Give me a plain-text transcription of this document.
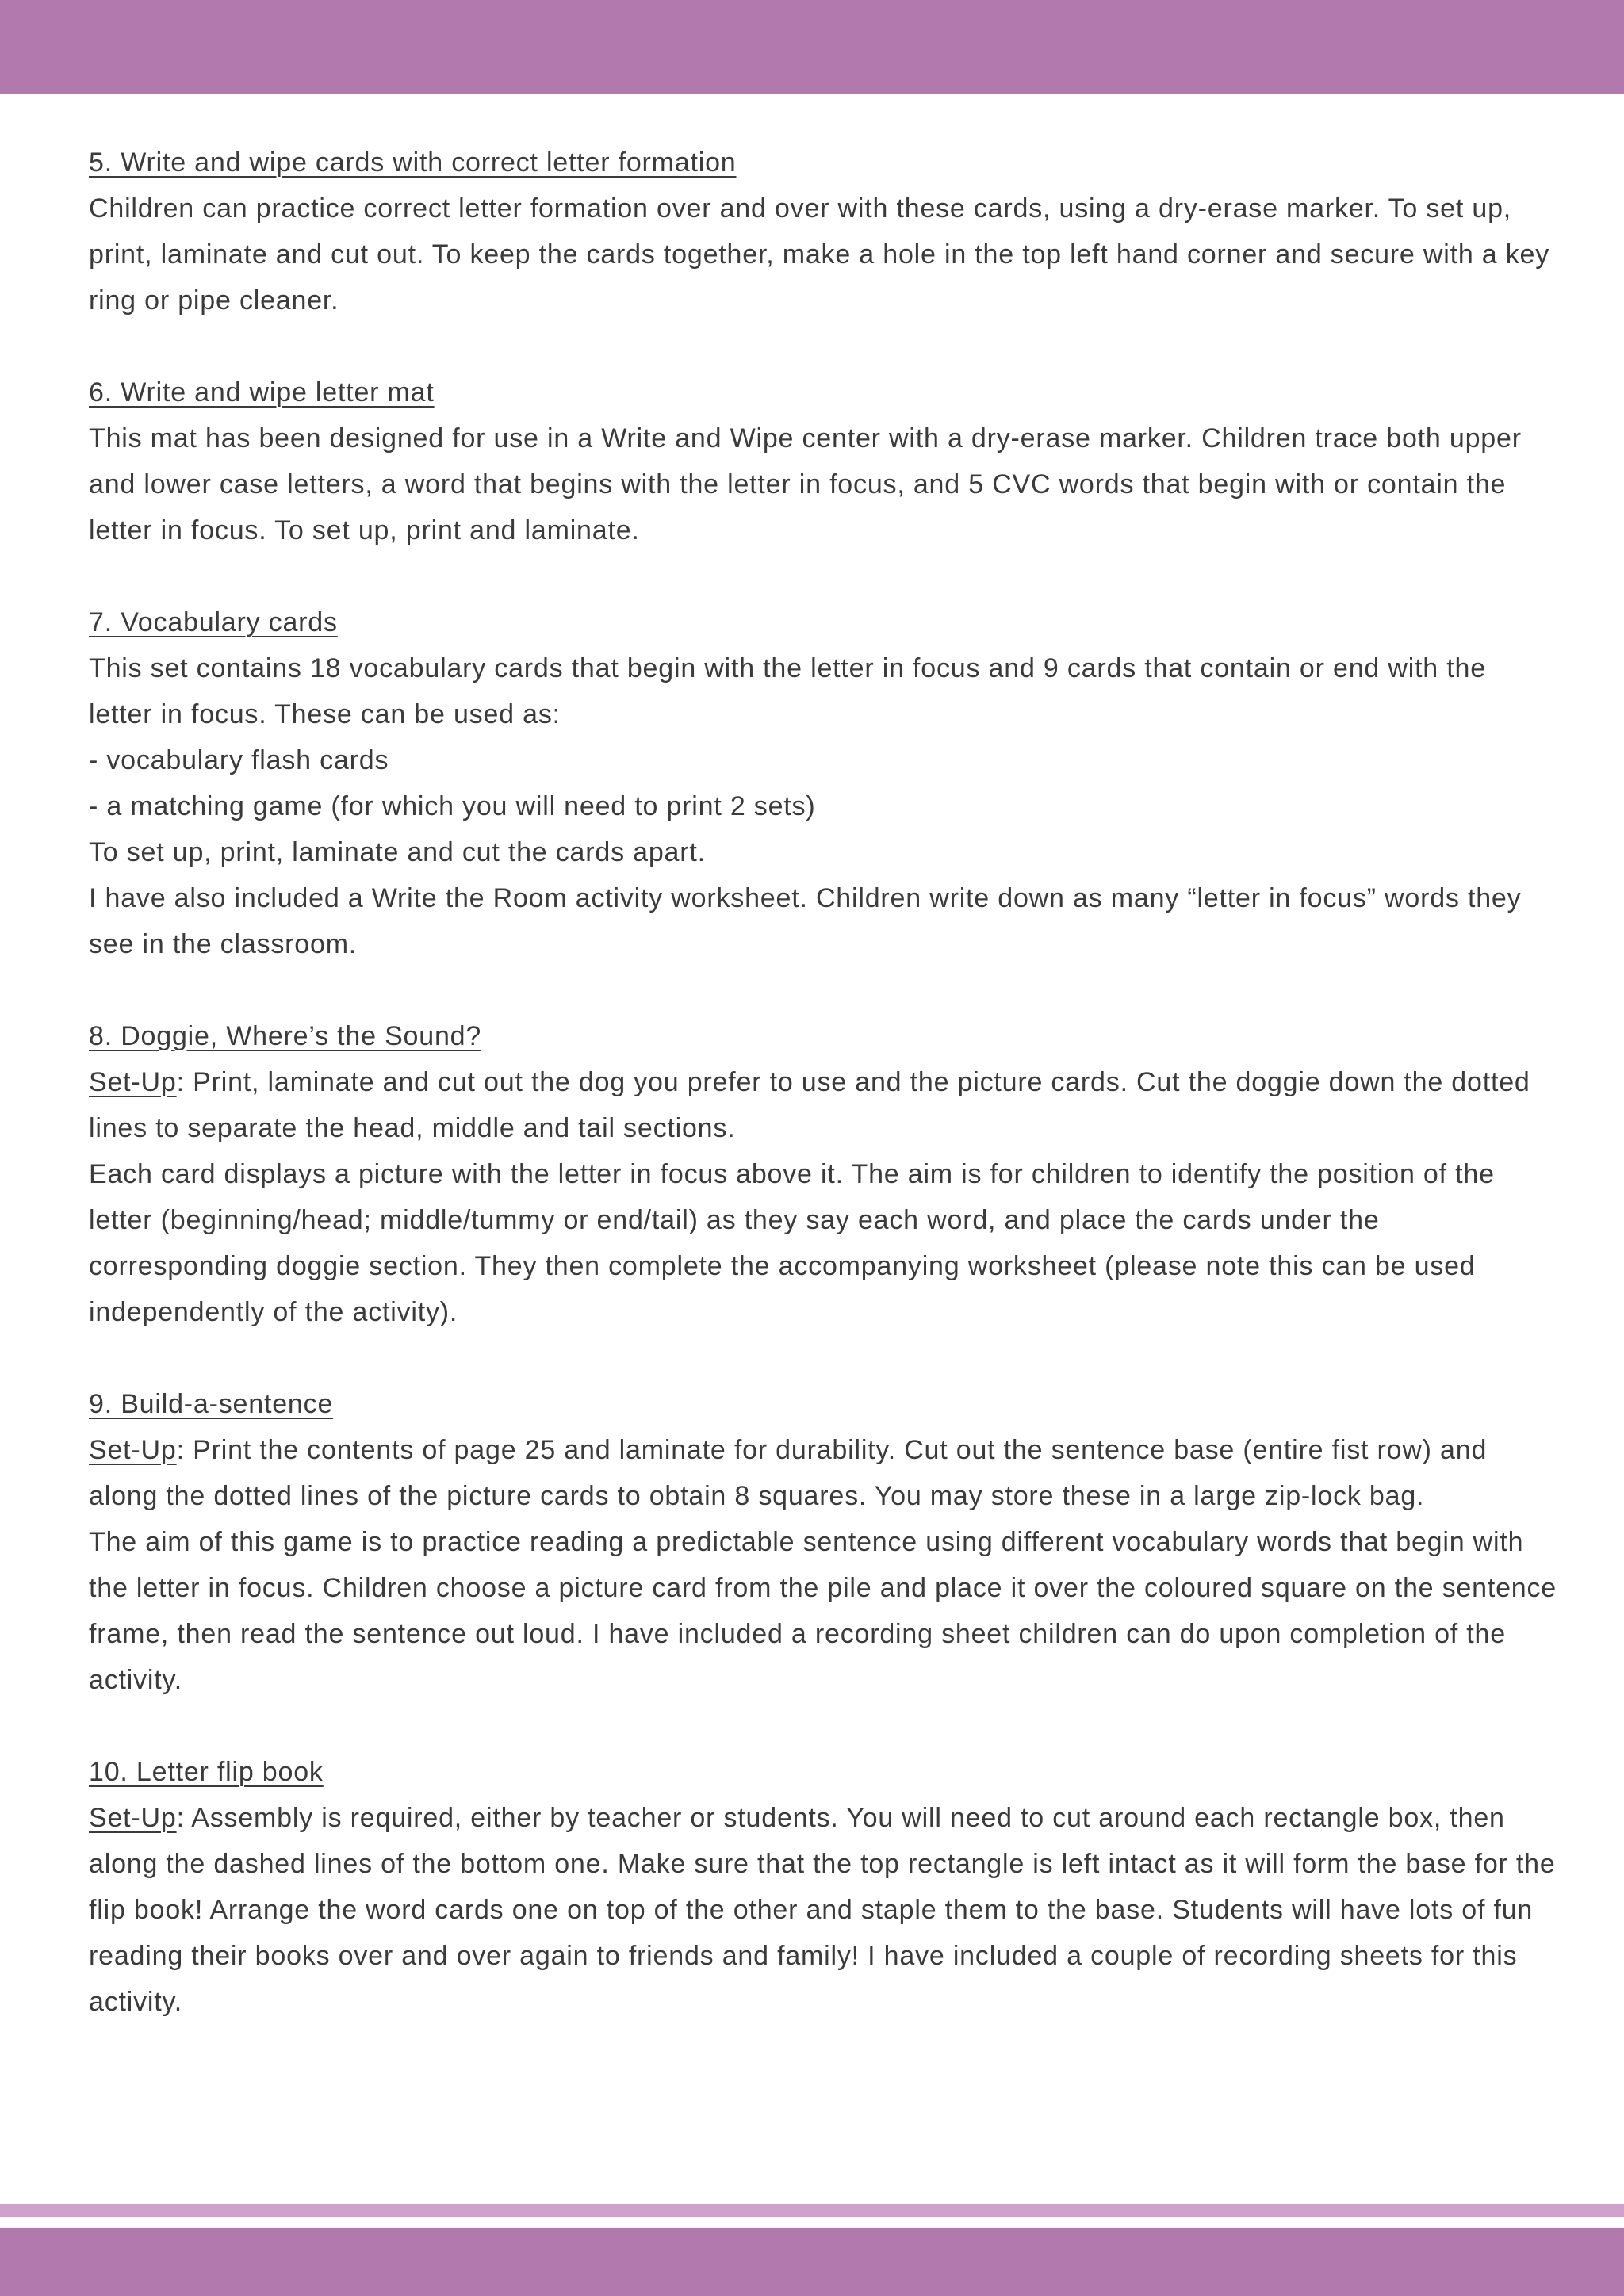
5. Write and wipe cards with correct letter formation

Children can practice correct letter formation over and over with these cards, using a dry-erase marker. To set up, print, laminate and cut out. To keep the cards together, make a hole in the top left hand corner and secure with a key ring or pipe cleaner.

6. Write and wipe letter mat

This mat has been designed for use in a Write and Wipe center with a dry-erase marker. Children trace both upper and lower case letters, a word that begins with the letter in focus, and 5 CVC words that begin with or contain the letter in focus. To set up, print and laminate.

7. Vocabulary cards

This set contains 18 vocabulary cards that begin with the letter in focus and 9 cards that contain or end with the letter in focus. These can be used as:

- vocabulary flash cards

- a matching game (for which you will need to print 2 sets)

To set up, print, laminate and cut the cards apart.

I have also included a Write the Room activity worksheet. Children write down as many “letter in focus” words they see in the classroom.

8. Doggie, Where’s the Sound?

Set-Up: Print, laminate and cut out the dog you prefer to use and the picture cards. Cut the doggie down the dotted lines to separate the head, middle and tail sections.

Each card displays a picture with the letter in focus above it. The aim is for children to identify the position of the letter (beginning/head; middle/tummy or end/tail) as they say each word, and place the cards under the corresponding doggie section. They then complete the accompanying worksheet (please note this can be used independently of the activity).

9. Build-a-sentence

Set-Up: Print the contents of page 25 and laminate for durability. Cut out the sentence base (entire fist row) and along the dotted lines of the picture cards to obtain 8 squares. You may store these in a large zip-lock bag.

The aim of this game is to practice reading a predictable sentence using different vocabulary words that begin with the letter in focus. Children choose a picture card from the pile and place it over the coloured square on the sentence frame, then read the sentence out loud. I have included a recording sheet children can do upon completion of the activity.

10. Letter flip book

Set-Up: Assembly is required, either by teacher or students. You will need to cut around each rectangle box, then along the dashed lines of the bottom one. Make sure that the top rectangle is left intact as it will form the base for the flip book! Arrange the word cards one on top of the other and staple them to the base. Students will have lots of fun reading their books over and over again to friends and family! I have included a couple of recording sheets for this activity.
